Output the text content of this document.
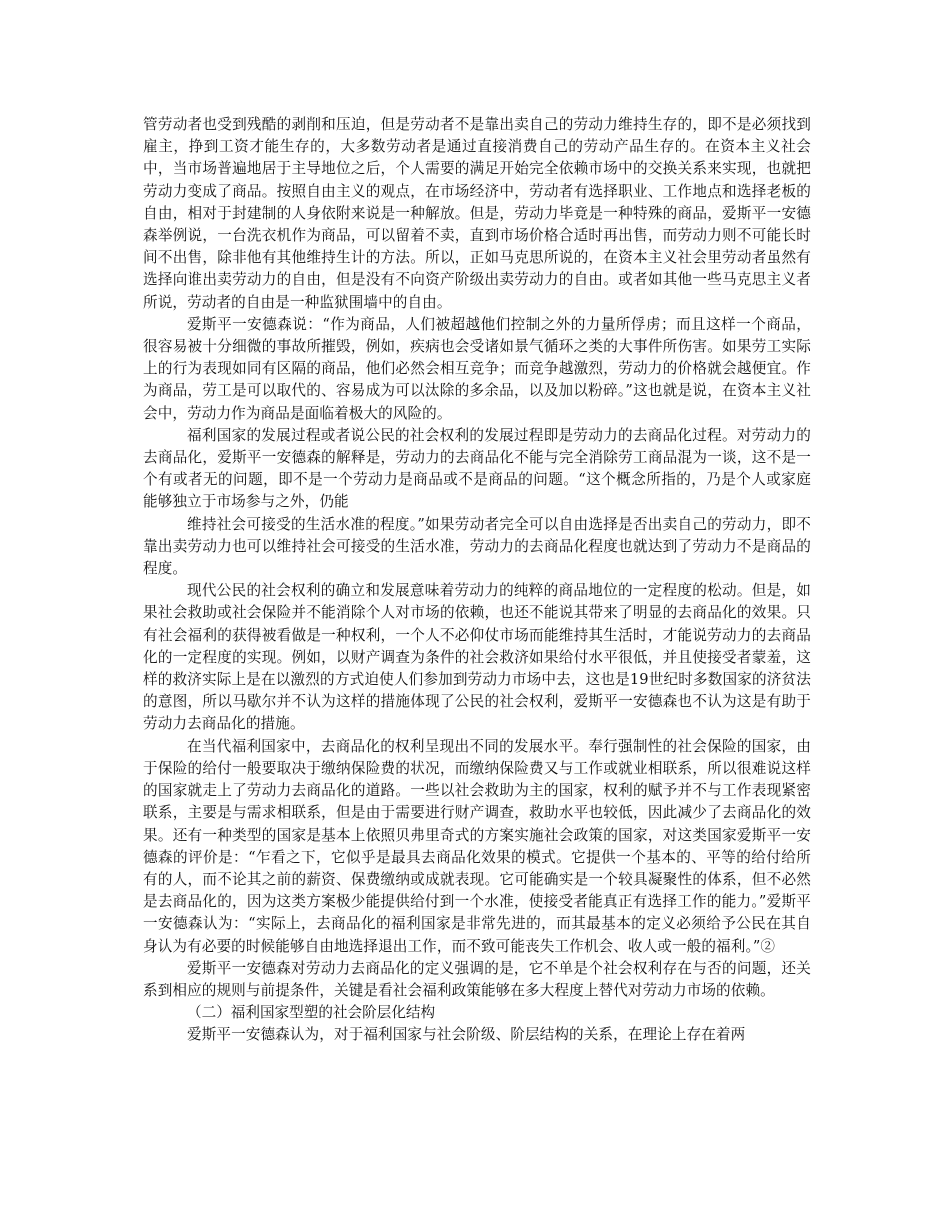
管劳动者也受到残酷的剥削和压迫，但是劳动者不是靠出卖自己的劳动力维持生存的，即不是必须找到雇主，挣到工资才能生存的，大多数劳动者是通过直接消费自己的劳动产品生存的。在资本主义社会中，当市场普遍地居于主导地位之后，个人需要的满足开始完全依赖市场中的交换关系来实现，也就把劳动力变成了商品。按照自由主义的观点，在市场经济中，劳动者有选择职业、工作地点和选择老板的自由，相对于封建制的人身依附来说是一种解放。但是，劳动力毕竟是一种特殊的商品，爱斯平一安德森举例说，一台洗衣机作为商品，可以留着不卖，直到市场价格合适时再出售，而劳动力则不可能长时间不出售，除非他有其他维持生计的方法。所以，正如马克思所说的，在资本主义社会里劳动者虽然有选择向谁出卖劳动力的自由，但是没有不向资产阶级出卖劳动力的自由。或者如其他一些马克思主义者所说，劳动者的自由是一种监狱围墙中的自由。

爱斯平一安德森说：“作为商品，人们被超越他们控制之外的力量所俘虏；而且这样一个商品，很容易被十分细微的事故所摧毁，例如，疾病也会受诸如景气循环之类的大事件所伤害。如果劳工实际上的行为表现如同有区隔的商品，他们必然会相互竞争；而竞争越激烈，劳动力的价格就会越便宜。作为商品，劳工是可以取代的、容易成为可以汰除的多余品，以及加以粉碎。”这也就是说，在资本主义社会中，劳动力作为商品是面临着极大的风险的。

福利国家的发展过程或者说公民的社会权利的发展过程即是劳动力的去商品化过程。对劳动力的去商品化，爱斯平一安德森的解释是，劳动力的去商品化不能与完全消除劳工商品混为一谈，这不是一个有或者无的问题，即不是一个劳动力是商品或不是商品的问题。“这个概念所指的，乃是个人或家庭能够独立于市场参与之外，仍能

维持社会可接受的生活水准的程度。”如果劳动者完全可以自由选择是否出卖自己的劳动力，即不靠出卖劳动力也可以维持社会可接受的生活水准，劳动力的去商品化程度也就达到了劳动力不是商品的程度。

现代公民的社会权利的确立和发展意味着劳动力的纯粹的商品地位的一定程度的松动。但是，如果社会救助或社会保险并不能消除个人对市场的依赖，也还不能说其带来了明显的去商品化的效果。只有社会福利的获得被看做是一种权利，一个人不必仰仗市场而能维持其生活时，才能说劳动力的去商品化的一定程度的实现。例如，以财产调查为条件的社会救济如果给付水平很低，并且使接受者蒙羞，这样的救济实际上是在以激烈的方式迫使人们参加到劳动力市场中去，这也是19世纪时多数国家的济贫法的意图，所以马歇尔并不认为这样的措施体现了公民的社会权利，爱斯平一安德森也不认为这是有助于劳动力去商品化的措施。

在当代福利国家中，去商品化的权利呈现出不同的发展水平。奉行强制性的社会保险的国家，由于保险的给付一般要取决于缴纳保险费的状况，而缴纳保险费又与工作或就业相联系，所以很难说这样的国家就走上了劳动力去商品化的道路。一些以社会救助为主的国家，权利的赋予并不与工作表现紧密联系，主要是与需求相联系，但是由于需要进行财产调查，救助水平也较低，因此减少了去商品化的效果。还有一种类型的国家是基本上依照贝弗里奇式的方案实施社会政策的国家，对这类国家爱斯平一安德森的评价是：“乍看之下，它似乎是最具去商品化效果的模式。它提供一个基本的、平等的给付给所有的人，而不论其之前的薪资、保费缴纳或成就表现。它可能确实是一个较具凝聚性的体系，但不必然是去商品化的，因为这类方案极少能提供给付到一个水准，使接受者能真正有选择工作的能力。”爱斯平一安德森认为：“实际上，去商品化的福利国家是非常先进的，而其最基本的定义必须给予公民在其自身认为有必要的时候能够自由地选择退出工作，而不致可能丧失工作机会、收人或一般的福利。”②

爱斯平一安德森对劳动力去商品化的定义强调的是，它不单是个社会权利存在与否的问题，还关系到相应的规则与前提条件，关键是看社会福利政策能够在多大程度上替代对劳动力市场的依赖。

（二）福利国家型塑的社会阶层化结构

爱斯平一安德森认为，对于福利国家与社会阶级、阶层结构的关系，在理论上存在着两
